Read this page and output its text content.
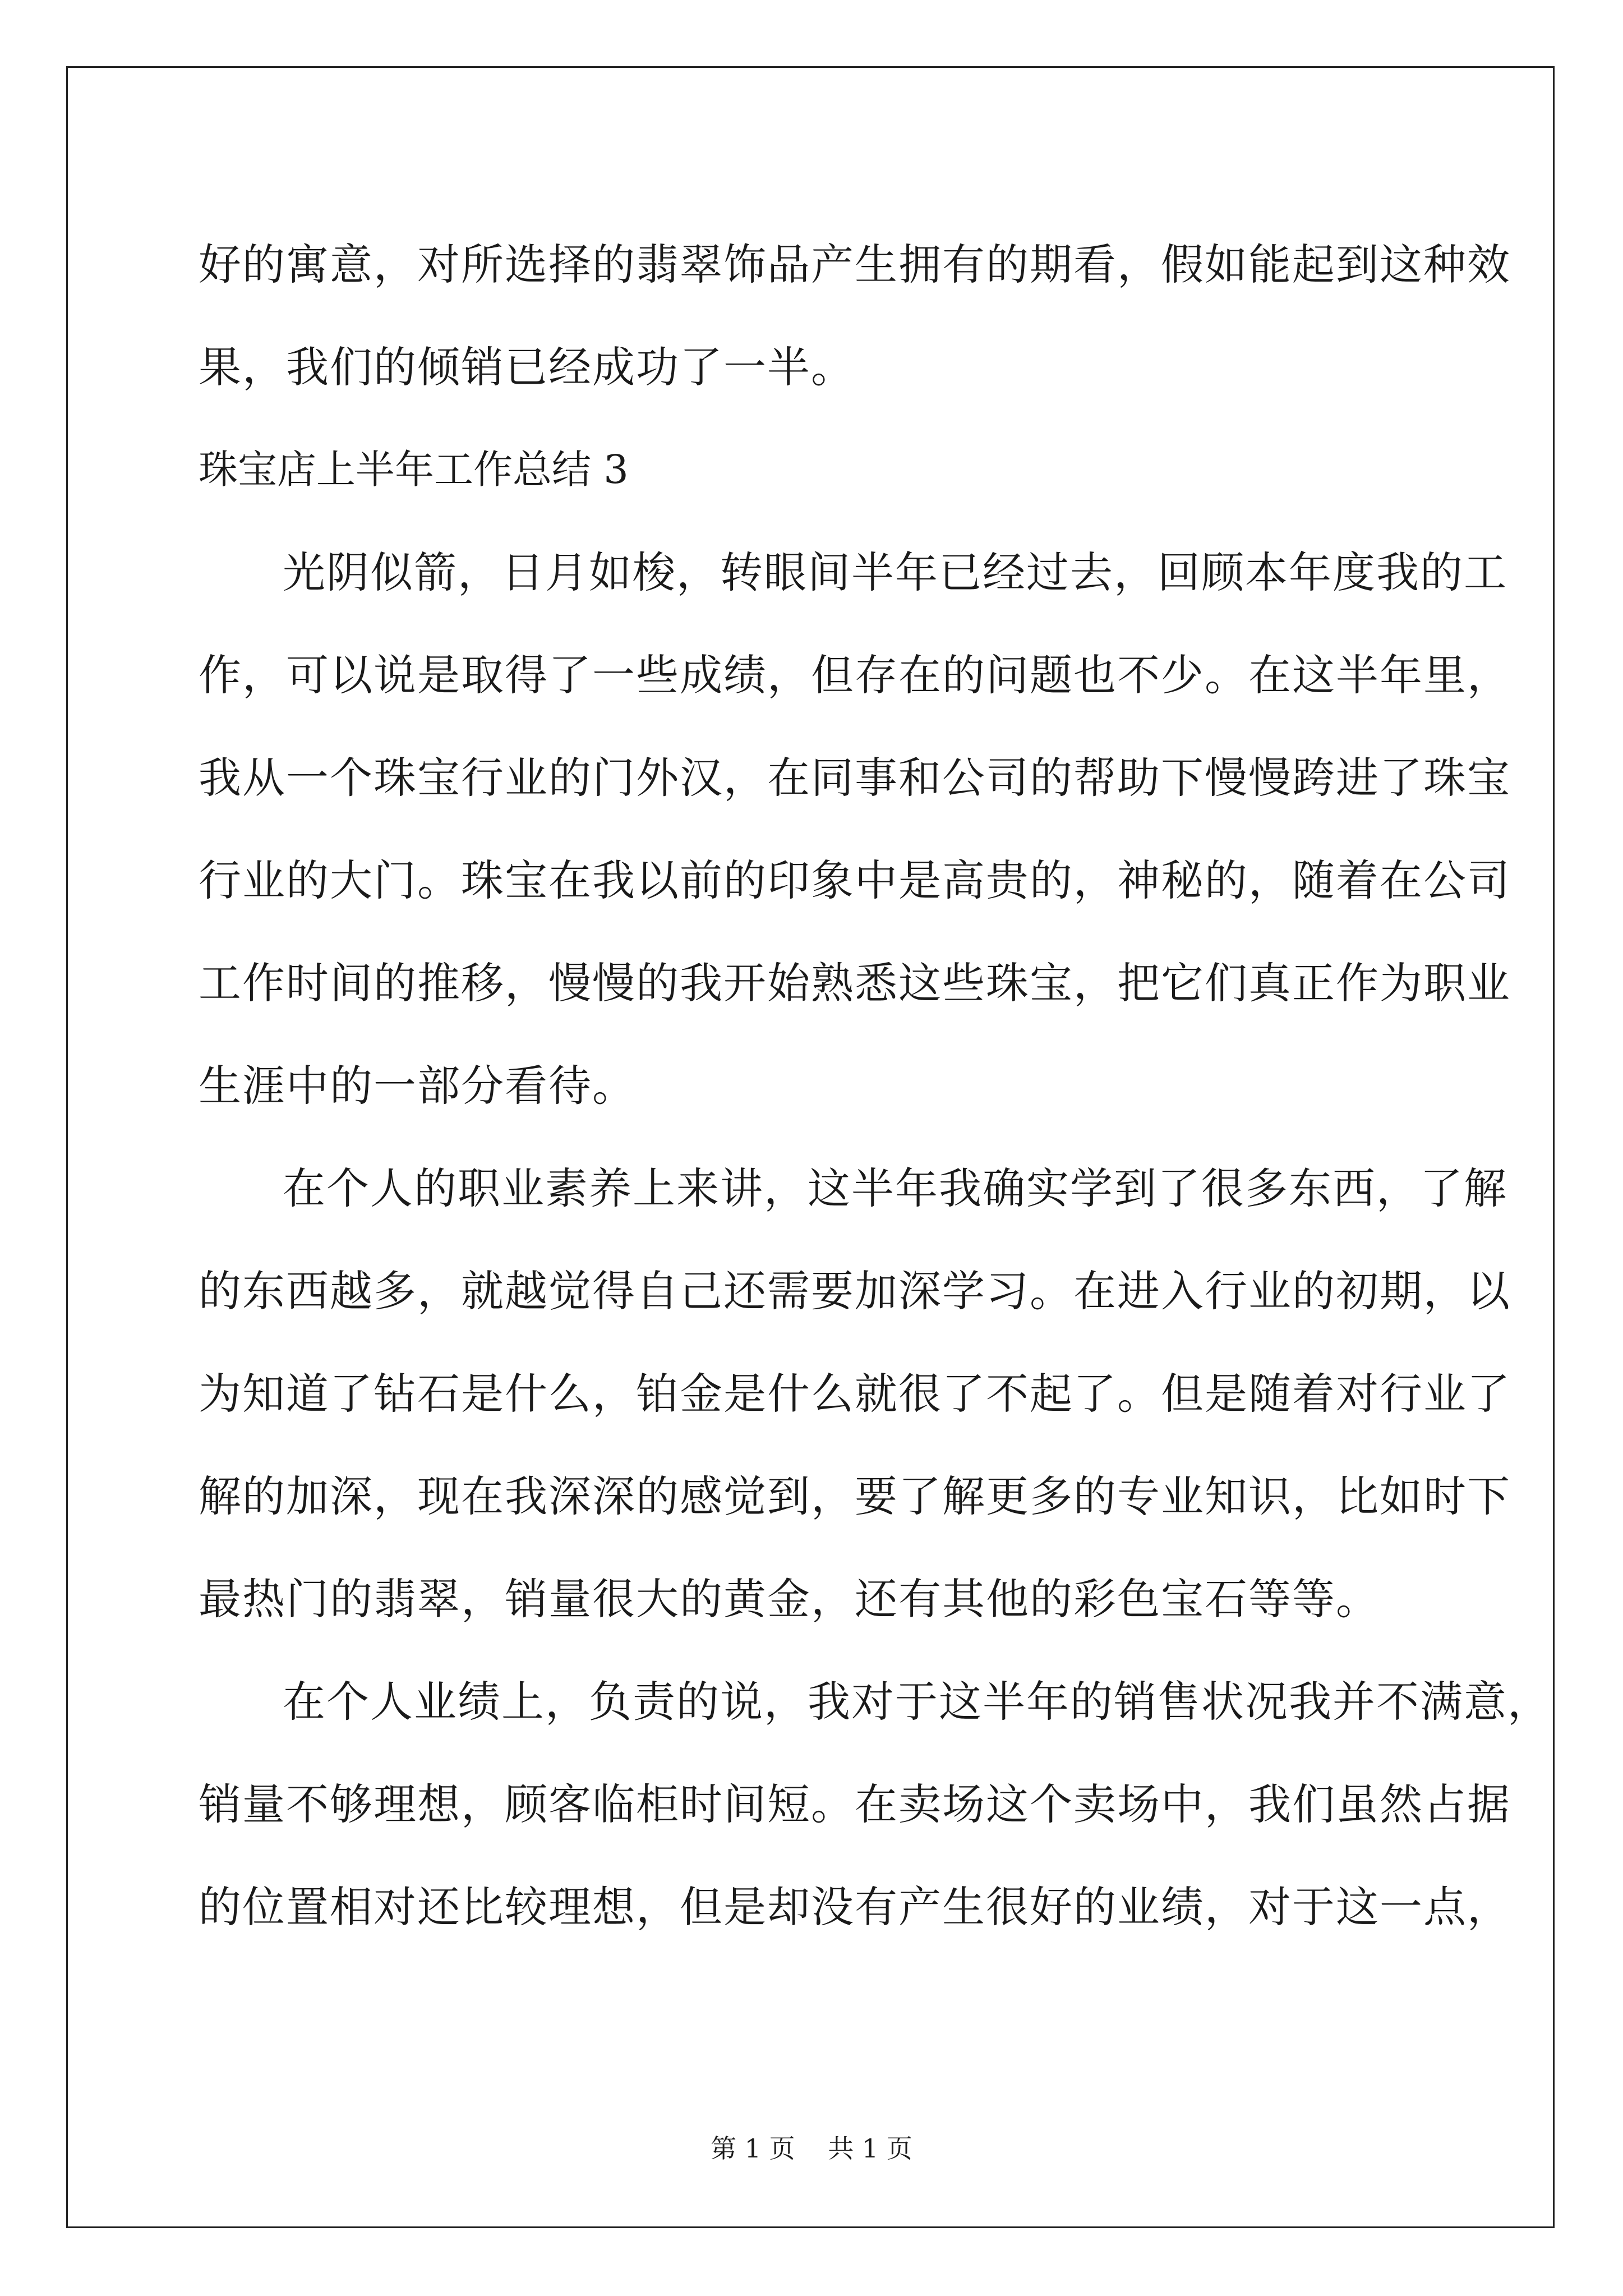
好的寓意，对所选择的翡翠饰品产生拥有的期看，假如能起到这种效
果，我们的倾销已经成功了一半。
珠宝店上半年工作总结 3
光阴似箭，日月如梭，转眼间半年已经过去，回顾本年度我的工
作，可以说是取得了一些成绩，但存在的问题也不少。在这半年里，
我从一个珠宝行业的门外汉，在同事和公司的帮助下慢慢跨进了珠宝
行业的大门。珠宝在我以前的印象中是高贵的，神秘的，随着在公司
工作时间的推移，慢慢的我开始熟悉这些珠宝，把它们真正作为职业
生涯中的一部分看待。
在个人的职业素养上来讲，这半年我确实学到了很多东西，了解
的东西越多，就越觉得自己还需要加深学习。在进入行业的初期，以
为知道了钻石是什么，铂金是什么就很了不起了。但是随着对行业了
解的加深，现在我深深的感觉到，要了解更多的专业知识，比如时下
最热门的翡翠，销量很大的黄金，还有其他的彩色宝石等等。
在个人业绩上，负责的说，我对于这半年的销售状况我并不满意，
销量不够理想，顾客临柜时间短。在卖场这个卖场中，我们虽然占据
的位置相对还比较理想，但是却没有产生很好的业绩，对于这一点，
第 1 页 共 1 页
